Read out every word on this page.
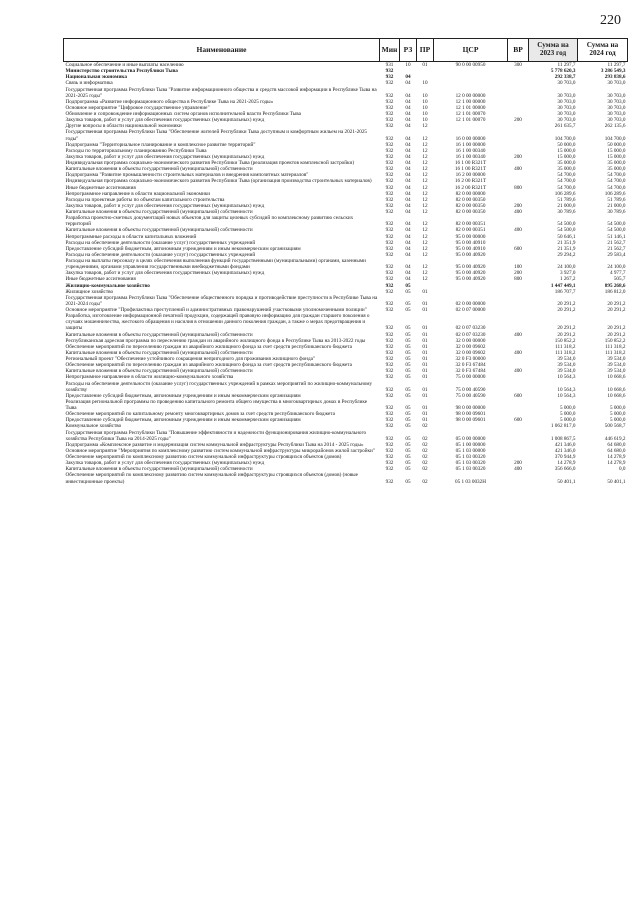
220
Наименование	Мин	РЗ	ПР	ЦСР	ВР	Сумма на 2023 год	Сумма на 2024 год
Социальное обеспечение и иные выплаты населению	931	10	01	90 0 00 00950	300	11 297,7	11 297,7
Министерство строительства Республики Тыва	932					5 778 620,3	3 286 549,3
Национальная экономика	932	04				292 338,7	293 838,6
Связь и информатика	932	04	10			30 703,0	30 703,0
Государственная программа Республики Тыва "Развитие информационного общества и средств массовой информации в Республике Тыва на 2021-2025 годы"	932	04	10	12 0 00 00000		30 703,0	30 703,0
Подпрограмма «Развитие информационного общества в Республике Тыва на 2021-2025 годы»	932	04	10	12 1 00 00000		30 703,0	30 703,0
Основное мероприятие "Цифровое государственное управление"	932	04	10	12 1 01 00000		30 703,0	30 703,0
Обновление и сопровождение информационных систем органов исполнительной власти Республики Тыва	932	04	10	12 1 01 00070		30 703,0	30 703,0
Закупка товаров, работ и услуг для обеспечения государственных (муниципальных) нужд	932	04	10	12 1 01 00070	200	30 703,0	30 703,0
Другие вопросы в области национальной экономики	932	04	12			261 635,7	262 135,6
Государственная программа Республики Тыва "Обеспечение жителей Республики Тыва доступным и комфортным жильем на 2021-2025 годы"	932	04	12	16 0 00 00000		104 700,0	104 700,0
Подпрограмма "Территориальное планирование и комплексное развитие территорий"	932	04	12	16 1 00 00000		50 000,0	50 000,0
Расходы по территориальному планированию Республики Тыва	932	04	12	16 1 00 00340		15 000,0	15 000,0
Закупка товаров, работ и услуг для обеспечения государственных (муниципальных) нужд	932	04	12	16 1 00 00340	200	15 000,0	15 000,0
Индивидуальная программа социально-экономического развития Республики Тыва (реализация проектов комплексной застройки)	932	04	12	16 1 00 R321T		35 000,0	35 000,0
Капитальные вложения в объекты государственной (муниципальной) собственности	932	04	12	16 1 00 R321T	400	35 000,0	35 000,0
Подпрограмма "Развитие промышленности строительных материалов и внедрения композитных материалов"	932	04	12	16 2 00 00000		54 700,0	54 700,0
Индивидуальная программа социально-экономического развития Республики Тыва (организация производства строительных материалов)	932	04	12	16 2 00 R321T		54 700,0	54 700,0
Иные бюджетные ассигнования	932	04	12	16 2 00 R321T	800	54 700,0	54 700,0
Непрограммное направление в области национальной экономики	932	04	12	82 0 00 00000		106 289,6	106 289,6
Расходы на проектные работы по объектам капитального строительства	932	04	12	82 0 00 00350		51 789,6	51 789,6
Закупка товаров, работ и услуг для обеспечения государственных (муниципальных) нужд	932	04	12	82 0 00 00350	200	21 000,0	21 000,0
Капитальные вложения в объекты государственной (муниципальной) собственности	932	04	12	82 0 00 00350	400	30 789,6	30 789,6
Разработка проектно-сметных документаций новых объектов для защиты целевых субсидий по комплексному развитию сельских территорий	932	04	12	82 0 00 00351		54 500,0	54 500,0
Капитальные вложения в объекты государственной (муниципальной) собственности	932	04	12	82 0 00 00351	400	54 500,0	54 500,0
Непрограммные расходы в области капитальных вложений	932	04	12	95 0 00 00000		50 646,1	51 146,1
Расходы на обеспечение деятельности (оказание услуг) государственных учреждений	932	04	12	95 0 00 40910		21 351,9	21 562,7
Предоставление субсидий бюджетным, автономным учреждениям и иным некоммерческим организациям	932	04	12	95 0 00 40910	600	21 351,9	21 562,7
Расходы на обеспечение деятельности (оказание услуг) государственных учреждений	932	04	12	95 0 00 40920		29 294,2	29 583,4
Расходы на выплаты персоналу в целях обеспечения выполнения функций государственными (муниципальными) органами, казенными учреждениями, органами управления государственными внебюджетными фондами	932	04	12	95 0 00 40920	100	24 100,0	24 100,0
Закупка товаров, работ и услуг для обеспечения государственных (муниципальных) нужд	932	04	12	95 0 00 40920	200	3 927,0	4 977,7
Иные бюджетные ассигнования	932	04	12	95 0 00 40920	800	1 267,2	505,7
Жилищно-коммунальное хозяйство	932	05				1 447 449,1	895 268,6
Жилищное хозяйство	932	05	01			186 707,7	186 812,0
Государственная программа Республики Тыва "Обеспечение общественного порядка и противодействие преступности в Республике Тыва на 2021-2024 годы"	932	05	01	02 0 00 00000		20 291,2	20 291,2
Основное мероприятие "Профилактика преступлений и административных правонарушений участковыми уполномоченными полиции"	932	05	01	02 0 07 00000		20 291,2	20 291,2
Разработка, изготовление информационной печатной продукции, содержащей правовую информацию для граждан старшего поколения о случаях мошенничества, жестокого обращения и насилия в отношении данного поколения граждан, а также о мерах предотвращения и защиты	932	05	01	02 0 07 03230		20 291,2	20 291,2
Капитальные вложения в объекты государственной (муниципальной) собственности	932	05	01	02 0 07 03230	400	20 291,2	20 291,2
Республиканская адресная программа по переселению граждан из аварийного жилищного фонда в Республике Тыва на 2013-2022 годы	932	05	01	32 0 00 00000		150 852,2	150 852,2
Обеспечение мероприятий по переселению граждан из аварийного жилищного фонда за счет средств республиканского бюджета	932	05	01	32 0 00 09602		111 318,2	111 318,2
Капитальные вложения в объекты государственной (муниципальной) собственности	932	05	01	32 0 00 09602	400	111 318,2	111 318,2
Региональный проект "Обеспечение устойчивого сокращения непригодного для проживания жилищного фонда"	932	05	01	32 0 F3 00000		39 534,0	39 534,0
Обеспечение мероприятий по переселению граждан из аварийного жилищного фонда за счет средств республиканского бюджета	932	05	01	32 0 F3 67484		39 534,0	39 534,0
Капитальные вложения в объекты государственной (муниципальной) собственности	932	05	01	32 0 F3 67484	400	39 534,0	39 534,0
Непрограммное направление в области жилищно-коммунального хозяйства	932	05	01	75 0 00 00000		10 564,3	10 668,6
Расходы на обеспечение деятельности (оказание услуг) государственных учреждений в рамках мероприятий по жилищно-коммунальному хозяйству	932	05	01	75 0 00 40590		10 564,3	10 668,6
Предоставление субсидий бюджетным, автономным учреждениям и иным некоммерческим организациям	932	05	01	75 0 00 40590	600	10 564,3	10 668,6
Реализация региональной программы по проведению капитального ремонта общего имущества в многоквартирных домах в Республике Тыва	932	05	01	98 0 00 00000		5 000,0	5 000,0
Обеспечение мероприятий по капитальному ремонту многоквартирных домов за счет средств республиканского бюджета	932	05	01	98 0 00 09601		5 000,0	5 000,0
Предоставление субсидий бюджетным, автономным учреждениям и иным некоммерческим организациям	932	05	01	98 0 00 09601	600	5 000,0	5 000,0
Коммунальное хозяйство	932	05	02			1 062 817,0	500 568,7
Государственная программа Республики Тыва "Повышение эффективности и надежности функционирования жилищно-коммунального хозяйства Республики Тыва на 2014-2025 годы"	932	05	02	05 0 00 00000		1 008 867,5	446 619,2
Подпрограмма «Комплексное развитие и модернизация систем коммунальной инфраструктуры Республики Тыва на 2014 - 2025 годы»	932	05	02	05 1 00 00000		421 346,0	64 680,0
Основное мероприятие "Мероприятия по комплексному развитию систем коммунальной инфраструктуры микрорайонов жилой застройки"	932	05	02	05 1 03 00000		421 346,0	64 680,0
Обеспечение мероприятий по комплексному развитию систем коммунальной инфраструктуры строящихся объектов (домов)	932	05	02	05 1 03 00320		370 944,9	14 278,9
Закупка товаров, работ и услуг для обеспечения государственных (муниципальных) нужд	932	05	02	05 1 03 00320	200	14 278,9	14 278,9
Капитальные вложения в объекты государственной (муниципальной) собственности	932	05	02	05 1 03 00320	400	356 666,0	0,0
Обеспечение мероприятий по комплексному развитию систем коммунальной инфраструктуры строящихся объектов (домов) (новые инвестиционные проекты)	932	05	02	05 1 03 0032H		50 401,1	50 401,1
